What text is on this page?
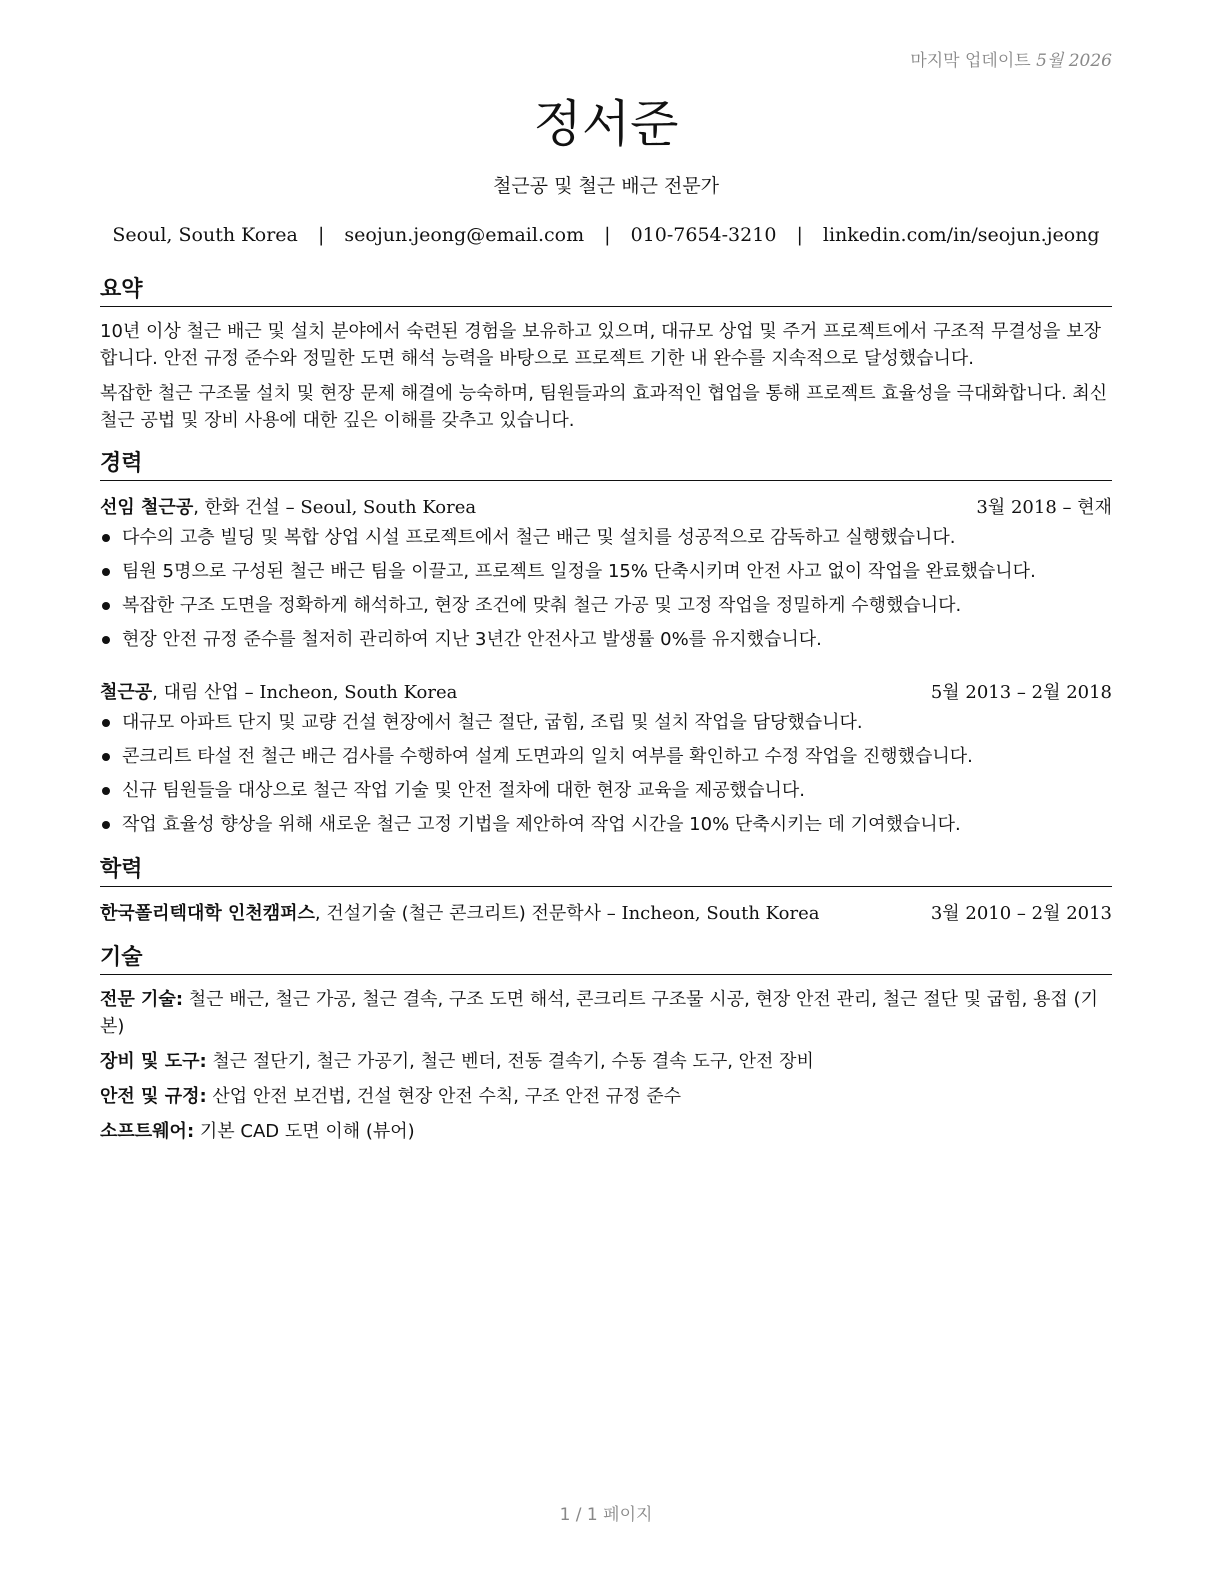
마지막 업데이트 5월 2026
정서준
철근공 및 철근 배근 전문가
Seoul, South Korea | seojun.jeong@email.com | 010-7654-3210 | linkedin.com/in/seojun.jeong
요약

10년 이상 철근 배근 및 설치 분야에서 숙련된 경험을 보유하고 있으며, 대규모 상업 및 주거 프로젝트에서 구조적 무결성을 보장합니다. 안전 규정 준수와 정밀한 도면 해석 능력을 바탕으로 프로젝트 기한 내 완수를 지속적으로 달성했습니다.

복잡한 철근 구조물 설치 및 현장 문제 해결에 능숙하며, 팀원들과의 효과적인 협업을 통해 프로젝트 효율성을 극대화합니다. 최신 철근 공법 및 장비 사용에 대한 깊은 이해를 갖추고 있습니다.

경력
선임 철근공, 한화 건설 – Seoul, South Korea	3월 2018 – 현재
다수의 고층 빌딩 및 복합 상업 시설 프로젝트에서 철근 배근 및 설치를 성공적으로 감독하고 실행했습니다.
팀원 5명으로 구성된 철근 배근 팀을 이끌고, 프로젝트 일정을 15% 단축시키며 안전 사고 없이 작업을 완료했습니다.
복잡한 구조 도면을 정확하게 해석하고, 현장 조건에 맞춰 철근 가공 및 고정 작업을 정밀하게 수행했습니다.
현장 안전 규정 준수를 철저히 관리하여 지난 3년간 안전사고 발생률 0%를 유지했습니다.
철근공, 대림 산업 – Incheon, South Korea	5월 2013 – 2월 2018
대규모 아파트 단지 및 교량 건설 현장에서 철근 절단, 굽힘, 조립 및 설치 작업을 담당했습니다.
콘크리트 타설 전 철근 배근 검사를 수행하여 설계 도면과의 일치 여부를 확인하고 수정 작업을 진행했습니다.
신규 팀원들을 대상으로 철근 작업 기술 및 안전 절차에 대한 현장 교육을 제공했습니다.
작업 효율성 향상을 위해 새로운 철근 고정 기법을 제안하여 작업 시간을 10% 단축시키는 데 기여했습니다.
학력
한국폴리텍대학 인천캠퍼스, 건설기술 (철근 콘크리트) 전문학사 – Incheon, South Korea	3월 2010 – 2월 2013
기술

전문 기술: 철근 배근, 철근 가공, 철근 결속, 구조 도면 해석, 콘크리트 구조물 시공, 현장 안전 관리, 철근 절단 및 굽힘, 용접 (기본)

장비 및 도구: 철근 절단기, 철근 가공기, 철근 벤더, 전동 결속기, 수동 결속 도구, 안전 장비

안전 및 규정: 산업 안전 보건법, 건설 현장 안전 수칙, 구조 안전 규정 준수

소프트웨어: 기본 CAD 도면 이해 (뷰어)

1 / 1 페이지
